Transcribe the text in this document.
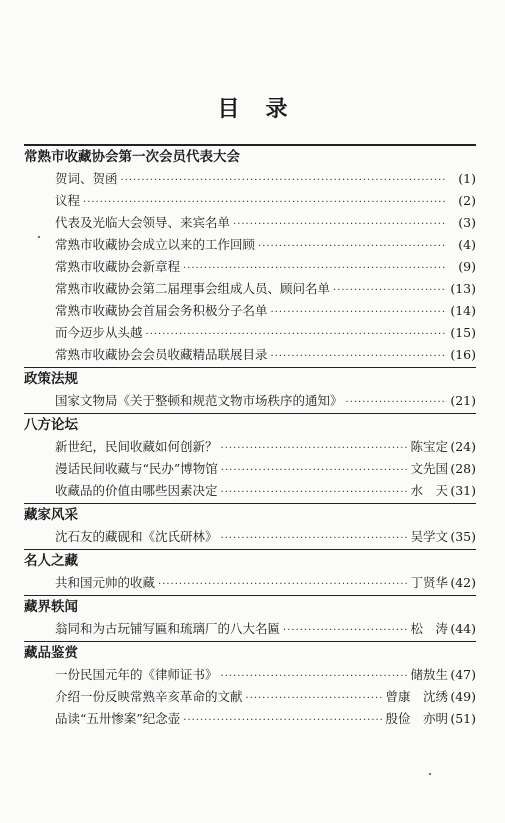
目录
常熟市收藏协会第一次会员代表大会
贺词、贺函 ·····	(1)
议程 ·····	(2)
代表及光临大会领导、来宾名单 ·····	(3)
常熟市收藏协会成立以来的工作回顾 ·····	(4)
常熟市收藏协会新章程 ·····	(9)
常熟市收藏协会第二届理事会组成人员、顾问名单 ·····	(13)
常熟市收藏协会首届会务积极分子名单 ·····	(14)
而今迈步从头越 ·····	(15)
常熟市收藏协会会员收藏精品联展目录 ·····	(16)
政策法规
国家文物局《关于整顿和规范文物市场秩序的通知》 ·····	(21)
八方论坛
新世纪，民间收藏如何创新？ ·····	陈宝定 (24)
漫话民间收藏与“民办”博物馆 ·····	文先国 (28)
收藏品的价值由哪些因素决定 ·····	水　天 (31)
藏家风采
沈石友的藏砚和《沈氏研林》 ·····	吴学文 (35)
名人之藏
共和国元帅的收藏 ·····	丁贤华 (42)
藏界轶闻
翁同和为古玩铺写匾和琉璃厂的八大名匾 ·····	松　涛 (44)
藏品鉴赏
一份民国元年的《律师证书》 ·····	储敖生 (47)
介绍一份反映常熟辛亥革命的文献 ·····	曾康　沈绣 (49)
品读“五卅惨案”纪念壶 ·····	殷俭　亦明 (51)
